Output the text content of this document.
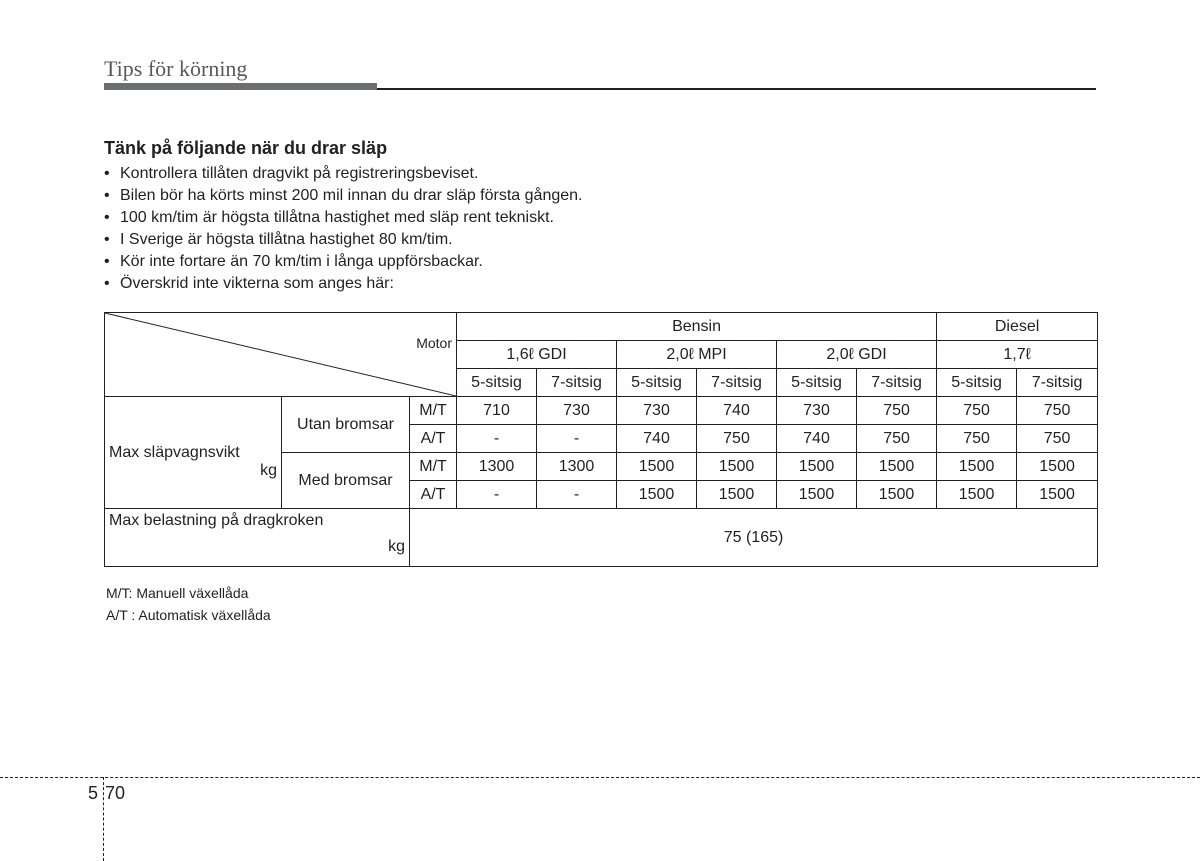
Tips för körning
Tänk på följande när du drar släp
• Kontrollera tillåten dragvikt på registreringsbeviset.
• Bilen bör ha körts minst 200 mil innan du drar släp första gången.
• 100 km/tim är högsta tillåtna hastighet med släp rent tekniskt.
• I Sverige är högsta tillåtna hastighet 80 km/tim.
• Kör inte fortare än 70 km/tim i långa uppförsbackar.
• Överskrid inte vikterna som anges här:
Motor			Bensin						Diesel	
			1,6ℓ GDI		2,0ℓ MPI		2,0ℓ GDI		1,7ℓ	
			5-sitsig	7-sitsig	5-sitsig	7-sitsig	5-sitsig	7-sitsig	5-sitsig	7-sitsig
Max släpvagnsvikt

kg	Utan bromsar	M/T	710	730	730	740	730	750	750	750
		A/T	-	-	740	750	740	750	750	750
	Med bromsar	M/T	1300	1300	1500	1500	1500	1500	1500	1500
		A/T	-	-	1500	1500	1500	1500	1500	1500
Max belastning på dragkroken

kg		75 (165)								
M/T: Manuell växellåda
A/T : Automatisk växellåda
5 70
